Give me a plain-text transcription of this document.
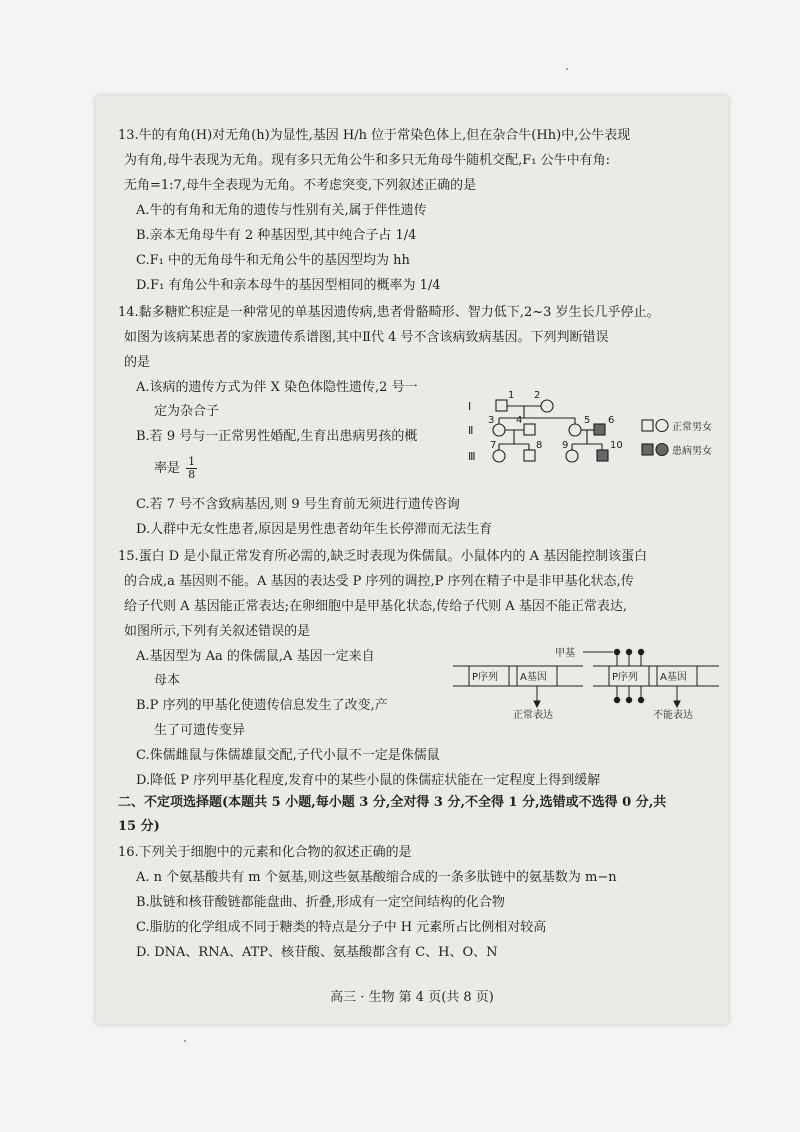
13.牛的有角(H)对无角(h)为显性,基因 H/h 位于常染色体上,但在杂合牛(Hh)中,公牛表现
为有角,母牛表现为无角。现有多只无角公牛和多只无角母牛随机交配,F₁ 公牛中有角:
无角=1:7,母牛全表现为无角。不考虑突变,下列叙述正确的是
A.牛的有角和无角的遗传与性别有关,属于伴性遗传
B.亲本无角母牛有 2 种基因型,其中纯合子占 1/4
C.F₁ 中的无角母牛和无角公牛的基因型均为 hh
D.F₁ 有角公牛和亲本母牛的基因型相同的概率为 1/4
14.黏多糖贮积症是一种常见的单基因遗传病,患者骨骼畸形、智力低下,2~3 岁生长几乎停止。
如图为该病某患者的家族遗传系谱图,其中Ⅱ代 4 号不含该病致病基因。下列判断错误
的是
A.该病的遗传方式为伴 X 染色体隐性遗传,2 号一
定为杂合子
B.若 9 号与一正常男性婚配,生育出患病男孩的概
率是 $\frac{1}{8}$
C.若 7 号不含致病基因,则 9 号生育前无须进行遗传咨询
D.人群中无女性患者,原因是男性患者幼年生长停滞而无法生育
I
Ⅱ
Ⅲ
1 2
3 4	5 6
7	8 9	10
正常男女
患病男女
15.蛋白 D 是小鼠正常发育所必需的,缺乏时表现为侏儒鼠。小鼠体内的 A 基因能控制该蛋白
的合成,a 基因则不能。A 基因的表达受 P 序列的调控,P 序列在精子中是非甲基化状态,传
给子代则 A 基因能正常表达;在卵细胞中是甲基化状态,传给子代则 A 基因不能正常表达,
如图所示,下列有关叙述错误的是
A.基因型为 Aa 的侏儒鼠,A 基因一定来自
母本
B.P 序列的甲基化使遗传信息发生了改变,产
生了可遗传变异
C.侏儒雌鼠与侏儒雄鼠交配,子代小鼠不一定是侏儒鼠
D.降低 P 序列甲基化程度,发育中的某些小鼠的侏儒症状能在一定程度上得到缓解
甲基
P序列 A基因	P序列 A基因
正常表达	不能表达
二、不定项选择题(本题共 5 小题,每小题 3 分,全对得 3 分,不全得 1 分,选错或不选得 0 分,共
15 分)
16.下列关于细胞中的元素和化合物的叙述正确的是
A. n 个氨基酸共有 m 个氨基,则这些氨基酸缩合成的一条多肽链中的氨基数为 m−n
B.肽链和核苷酸链都能盘曲、折叠,形成有一定空间结构的化合物
C.脂肪的化学组成不同于糖类的特点是分子中 H 元素所占比例相对较高
D. DNA、RNA、ATP、核苷酸、氨基酸都含有 C、H、O、N
高三 · 生物 第 4 页(共 8 页)
